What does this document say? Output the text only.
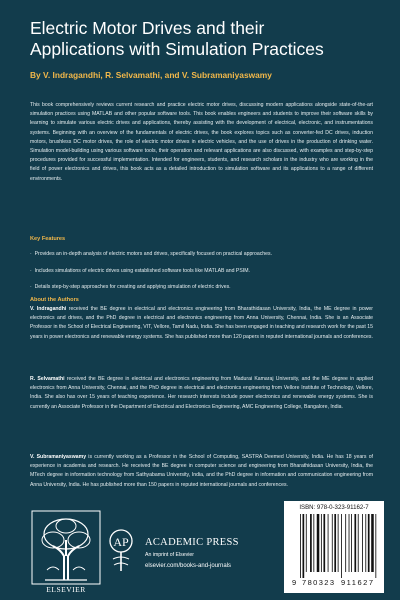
Electric Motor Drives and their
Applications with Simulation Practices
By V. Indragandhi, R. Selvamathi, and V. Subramaniyaswamy

This book comprehensively reviews current research and practice electric motor drives, discussing modern applications alongside state-of-the-art simulation practices using MATLAB and other popular software tools. This book enables engineers and students to improve their software skills by learning to simulate various electric drives and applications, thereby assisting with the development of electrical, electronic, and instrumentations systems. Beginning with an overview of the fundamentals of electric drives, the book explores topics such as converter-fed DC drives, induction motors, brushless DC motor drives, the role of electric motor drives in electric vehicles, and the use of drives in the production of drinking water. Simulation model-building using various software tools, their operation and relevant applications are also discussed, with examples and step-by-step procedures provided for successful implementation. Intended for engineers, students, and research scholars in the industry who are working in the field of power electronics and drives, this book acts as a detailed introduction to simulation software and its applications to a range of different environments.

Key Features
·  Provides an in-depth analysis of electric motors and drives, specifically focused on practical approaches.
·  Includes simulations of electric drives using established software tools like MATLAB and PSIM.
·  Details step-by-step approaches for creating and applying simulation of electric drives.
About the Authors

V. Indragandhi received the BE degree in electrical and electronics engineering from Bharathidasan University, India, the ME degree in power electronics and drives, and the PhD degree in electrical and electronics engineering from Anna University, Chennai, India. She is an Associate Professor in the School of Electrical Engineering, VIT, Vellore, Tamil Nadu, India. She has been engaged in teaching and research work for the past 15 years in power electronics and renewable energy systems. She has published more than 120 papers in reputed international journals and conferences.

R. Selvamathi received the BE degree in electrical and electronics engineering from Madurai Kamaraj University, and the ME degree in applied electronics from Anna University, Chennai, and the PhD degree in electrical and electronics engineering from Vellore Institute of Technology, Vellore, India. She also has over 15 years of teaching experience. Her research interests include power electronics and renewable energy systems. She is currently an Associate Professor in the Department of Electrical and Electronics Engineering, AMC Engineering College, Bangalore, India.

V. Subramaniyaswamy is currently working as a Professor in the School of Computing, SASTRA Deemed University, India. He has 18 years of experience in academia and research. He received the BE degree in computer science and engineering from Bharathidasan University, India, the MTech degree in information technology from Sathyabama University, India, and the PhD degree in information and communication engineering from Anna University, India. He has published more than 150 papers in reputed international journals and conferences.

ELSEVIER
AP ACADEMIC PRESS
An imprint of Elsevier
elsevier.com/books-and-journals
ISBN: 978-0-323-91162-7
9 780323 911627
